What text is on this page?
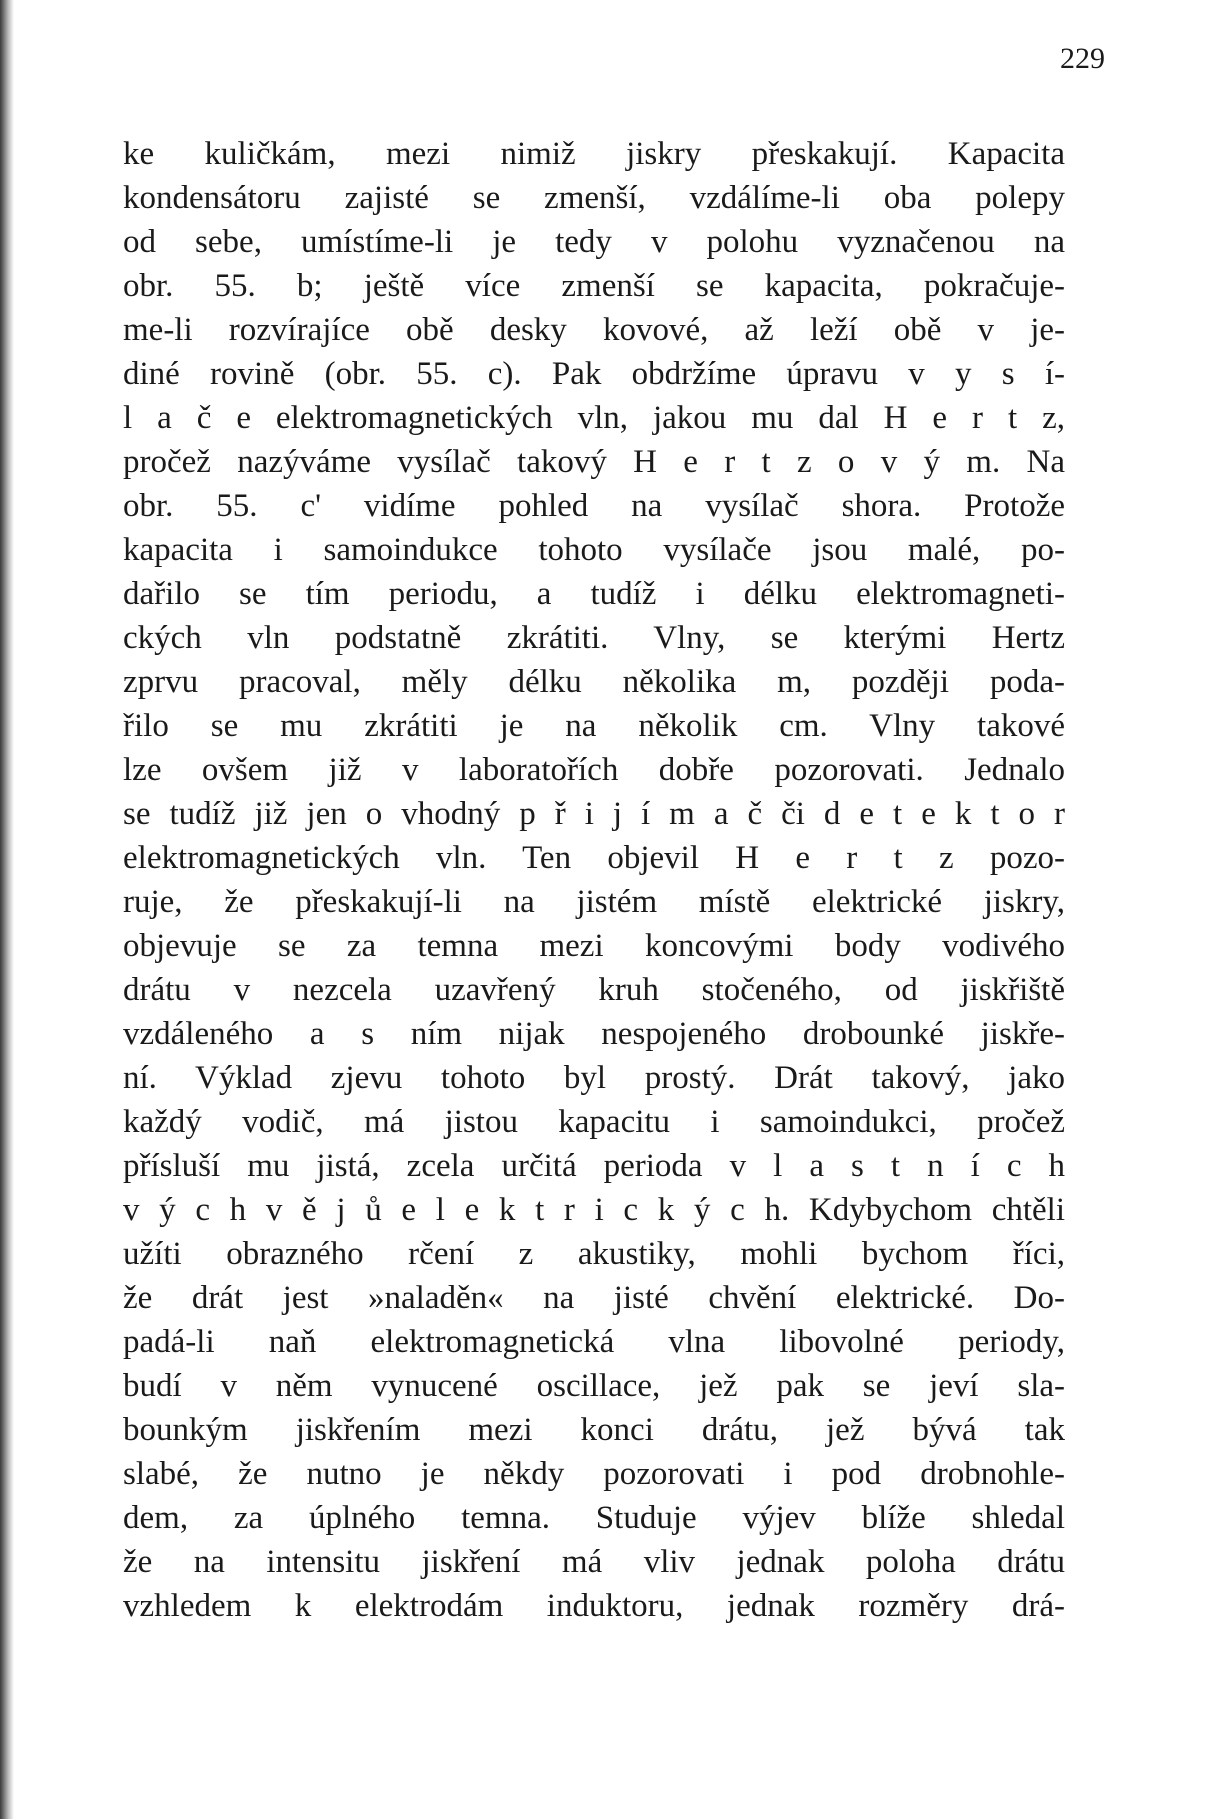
229
ke kuličkám, mezi nimiž jiskry přeskakují. Kapacita
kondensátoru zajisté se zmenší, vzdálíme-li oba polepy
od sebe, umístíme-li je tedy v polohu vyznačenou na
obr. 55. b; ještě více zmenší se kapacita, pokračuje-
me-li rozvírajíce obě desky kovové, až leží obě v je-
diné rovině (obr. 55. c). Pak obdržíme úpravu v y s í-
l a č e elektromagnetických vln, jakou mu dal H e r t z,
pročež nazýváme vysílač takový H e r t z o v ý m. Na
obr. 55. c' vidíme pohled na vysílač shora. Protože
kapacita i samoindukce tohoto vysílače jsou malé, po-
dařilo se tím periodu, a tudíž i délku elektromagneti-
ckých vln podstatně zkrátiti. Vlny, se kterými Hertz
zprvu pracoval, měly délku několika m, později poda-
řilo se mu zkrátiti je na několik cm. Vlny takové
lze ovšem již v laboratořích dobře pozorovati. Jednalo
se tudíž již jen o vhodný p ř i j í m a č či d e t e k t o r
elektromagnetických vln. Ten objevil H e r t z pozo-
ruje, že přeskakují-li na jistém místě elektrické jiskry,
objevuje se za temna mezi koncovými body vodivého
drátu v nezcela uzavřený kruh stočeného, od jiskřiště
vzdáleného a s ním nijak nespojeného drobounké jiskře-
ní. Výklad zjevu tohoto byl prostý. Drát takový, jako
každý vodič, má jistou kapacitu i samoindukci, pročež
přísluší mu jistá, zcela určitá perioda v l a s t n í c h
v ý c h v ě j ů e l e k t r i c k ý c h. Kdybychom chtěli
užíti obrazného rčení z akustiky, mohli bychom říci,
že drát jest »naladěn« na jisté chvění elektrické. Do-
padá-li naň elektromagnetická vlna libovolné periody,
budí v něm vynucené oscillace, jež pak se jeví sla-
bounkým jiskřením mezi konci drátu, jež bývá tak
slabé, že nutno je někdy pozorovati i pod drobnohle-
dem, za úplného temna. Studuje výjev blíže shledal
že na intensitu jiskření má vliv jednak poloha drátu
vzhledem k elektrodám induktoru, jednak rozměry drá-
